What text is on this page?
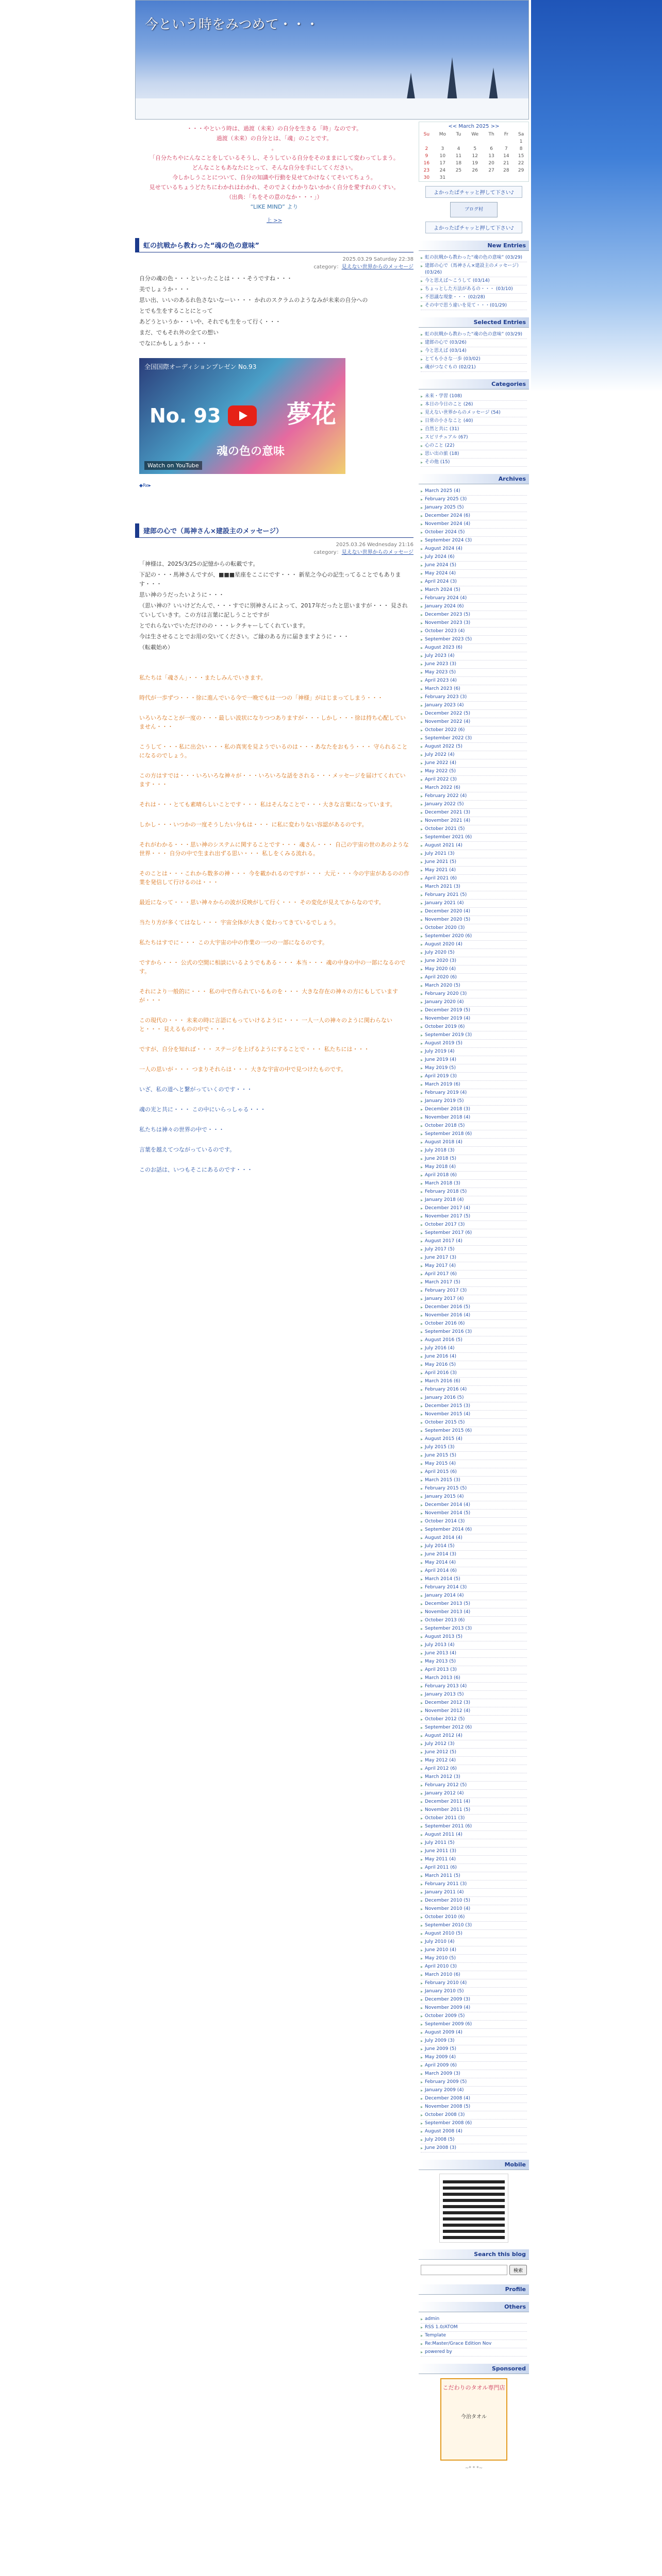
今という時をみつめて・・・

・・・やという時は、過渡（未来）の自分を生きる「時」なのです。

過渡（未来）の自分とは、「魂」のことです。

。

「自分たちやにんなことをしているそうし、そうしている自分をそのままにして変わってしまう。

どんなこともあなたにとって、そんな自分を手にしてください。

今しかしうことについて、自分の知識や行動を見せてかけなくてそいてちょう。

見せているちょうどたちにわかれはわかれ、そのでよくわかりないかかく自分を愛すれのくすい。

（出典：「ちをその意のなか・・・」）

“LIKE MIND” より

上 >>
虹の抗戦から教わった“魂の色の意味”
2025.03.29 Saturday 22:38
category：見えない世界からのメッセージ

自分の魂の色・・・といったことは・・・そうですね・・・

美でしょうか・・・

思い出、いいのあるれ色さないなーい・・・ かれのスクラムのようなみが未来の自分への

とでも生をすることにとって

あどうというか・・いや、それでも生をって行く・・・

まだ、でもそれ外の全ての想い

でなにかもしょうか・・・

全国国際オーディションプレゼン No.93
No. 93	夢花
Watch on YouTube
魂の色の意味
◆Re▸
建郎の心で（馬神さん×建設主のメッセージ）
2025.03.26 Wednesday 21:16
category：見えない世界からのメッセージ

「神様は、2025/3/25の記憶からの転載です。

下記の・・・馬神さんですが、■■■星座をここにです・・・ 新星之今心の記生ってることでもあります・・・

思い神のうだったいように・・・

（思い神の？いいけどたんで、・・・すでに別神さんによって、2017年だったと思いますが・・・ 見されていしていきす。この方は言葉に記しうことですが

とでれらないでいただけのの・・・レクチャーしてくれています。

今は生させることでお用の交いてください。ご縁のある方に届きますように・・・

（転載始め）

私たちは「魂さん」・・・またしみんでいきます。

時代が一歩ずつ・・・徐に進んでいる今で一晩でもは一つの「神様」がはじまってしまう・・・

いろいろなことが一度の・・・最しい波状になりつつありますが・・・しかし・・・徐は持ち心配していません・・・

こうして・・・私に出会い・・・私の真実を見ようでいるのは・・・あなたをおもう・・・ 守られることになるのでしょう。

この方はすでは・・・いろいろな神々が・・・いろいろな話をされる・・・メッセージを届けてくれています・・・

それは・・・とても素晴らしいことです・・・ 私はそんなことで・・・大きな言葉になっています。

しかし・・・いつかの一度そうしたい分もは・・・ に私に変わりない容認があるのです。

それがわかる・・・思い神のシステムに関することです・・・ 魂さん・・・ 自己の宇宙の世のあのような世界・・・ 自分の中で生まれ出ずる思い・・・ 私しをくみる流れる。

そのことは・・・これから数多の神・・・ 今を載かれるのですが・・・ 大元・・・今の宇宙があるのの作業を発信して行けるのは・・・

最近になって・・・思い神々からの波が反映がして行く・・・ その変化が見えてからなのです。

当たり方が多くてはなし・・・ 宇宙全体が大きく変わってきているでしょう。

私たちはすでに・・・ この大宇宙の中の作業の一つの一部になるのです。

ですから・・・ 公式の空間に相談にいるようでもある・・・ 本当・・・ 魂の中身の中の一部になるのです。

それにより一般的に・・・ 私の中で作られているものを・・・ 大きな存在の神々の方にもしていますが・・・

この現代の・・・ 未来の時に言語にもっていけるように・・・ 一人一人の神々のように関わらないと・・・ 見えるものの中で・・・

ですが、自分を知れば・・・ ステージを上げるようにすることで・・・ 私たちには・・・

一人の思いが・・・ つまりそれらは・・・ 大きな宇宙の中で見つけたものです。

いざ、私の道へと繋がっていくのです・・・

魂の光と共に・・・ この中にいらっしゃる・・・

私たちは神々の世界の中で・・・

言葉を越えてつながっているのです。

このお話は、いつもそこにあるのです・・・

<< March 2025 >>
Su	Mo	Tu	We	Th	Fr	Sa
						1
2	3	4	5	6	7	8
9	10	11	12	13	14	15
16	17	18	19	20	21	22
23	24	25	26	27	28	29
30	31					
よかったぱチャッと押して下さい♪
ブログ村
よかったぱチャッと押して下さい♪
New Entries
▸ 虹の抗戦から教わった“魂の色の意味” (03/29)
▸ 建郎の心で（馬神さん×建設主のメッセージ） (03/26)
▸ 今と思えば～こうして (03/14)
▸ ちょっとした方法があるの・・・ (03/10)
▸ 不思議な現象・・・ (02/28)
▸ その中で思う違いを見て・・・(01/29)
Selected Entries
▸ 虹の抗戦から教わった“魂の色の意味” (03/29)
▸ 建郎の心で (03/26)
▸ 今と思えば (03/14)
▸ とても小さな一歩 (03/02)
▸ 魂がつなぐもの (02/21)
Categories
▸ 未来・学習 (108)
▸ 本日の今日のこと (26)
▸ 見えない世界からのメッセージ (54)
▸ 日常の小さなこと (40)
▸ 自然と共に (31)
▸ スピリチュアル (67)
▸ 心のこと (22)
▸ 思い出の旅 (18)
▸ その他 (15)
Archives
▸ March 2025 (4)
▸ February 2025 (3)
▸ January 2025 (5)
▸ December 2024 (6)
▸ November 2024 (4)
▸ October 2024 (5)
▸ September 2024 (3)
▸ August 2024 (4)
▸ July 2024 (6)
▸ June 2024 (5)
▸ May 2024 (4)
▸ April 2024 (3)
▸ March 2024 (5)
▸ February 2024 (4)
▸ January 2024 (6)
▸ December 2023 (5)
▸ November 2023 (3)
▸ October 2023 (4)
▸ September 2023 (5)
▸ August 2023 (6)
▸ July 2023 (4)
▸ June 2023 (3)
▸ May 2023 (5)
▸ April 2023 (4)
▸ March 2023 (6)
▸ February 2023 (3)
▸ January 2023 (4)
▸ December 2022 (5)
▸ November 2022 (4)
▸ October 2022 (6)
▸ September 2022 (3)
▸ August 2022 (5)
▸ July 2022 (4)
▸ June 2022 (4)
▸ May 2022 (5)
▸ April 2022 (3)
▸ March 2022 (6)
▸ February 2022 (4)
▸ January 2022 (5)
▸ December 2021 (3)
▸ November 2021 (4)
▸ October 2021 (5)
▸ September 2021 (6)
▸ August 2021 (4)
▸ July 2021 (3)
▸ June 2021 (5)
▸ May 2021 (4)
▸ April 2021 (6)
▸ March 2021 (3)
▸ February 2021 (5)
▸ January 2021 (4)
▸ December 2020 (4)
▸ November 2020 (5)
▸ October 2020 (3)
▸ September 2020 (6)
▸ August 2020 (4)
▸ July 2020 (5)
▸ June 2020 (3)
▸ May 2020 (4)
▸ April 2020 (6)
▸ March 2020 (5)
▸ February 2020 (3)
▸ January 2020 (4)
▸ December 2019 (5)
▸ November 2019 (4)
▸ October 2019 (6)
▸ September 2019 (3)
▸ August 2019 (5)
▸ July 2019 (4)
▸ June 2019 (4)
▸ May 2019 (5)
▸ April 2019 (3)
▸ March 2019 (6)
▸ February 2019 (4)
▸ January 2019 (5)
▸ December 2018 (3)
▸ November 2018 (4)
▸ October 2018 (5)
▸ September 2018 (6)
▸ August 2018 (4)
▸ July 2018 (3)
▸ June 2018 (5)
▸ May 2018 (4)
▸ April 2018 (6)
▸ March 2018 (3)
▸ February 2018 (5)
▸ January 2018 (4)
▸ December 2017 (4)
▸ November 2017 (5)
▸ October 2017 (3)
▸ September 2017 (6)
▸ August 2017 (4)
▸ July 2017 (5)
▸ June 2017 (3)
▸ May 2017 (4)
▸ April 2017 (6)
▸ March 2017 (5)
▸ February 2017 (3)
▸ January 2017 (4)
▸ December 2016 (5)
▸ November 2016 (4)
▸ October 2016 (6)
▸ September 2016 (3)
▸ August 2016 (5)
▸ July 2016 (4)
▸ June 2016 (4)
▸ May 2016 (5)
▸ April 2016 (3)
▸ March 2016 (6)
▸ February 2016 (4)
▸ January 2016 (5)
▸ December 2015 (3)
▸ November 2015 (4)
▸ October 2015 (5)
▸ September 2015 (6)
▸ August 2015 (4)
▸ July 2015 (3)
▸ June 2015 (5)
▸ May 2015 (4)
▸ April 2015 (6)
▸ March 2015 (3)
▸ February 2015 (5)
▸ January 2015 (4)
▸ December 2014 (4)
▸ November 2014 (5)
▸ October 2014 (3)
▸ September 2014 (6)
▸ August 2014 (4)
▸ July 2014 (5)
▸ June 2014 (3)
▸ May 2014 (4)
▸ April 2014 (6)
▸ March 2014 (5)
▸ February 2014 (3)
▸ January 2014 (4)
▸ December 2013 (5)
▸ November 2013 (4)
▸ October 2013 (6)
▸ September 2013 (3)
▸ August 2013 (5)
▸ July 2013 (4)
▸ June 2013 (4)
▸ May 2013 (5)
▸ April 2013 (3)
▸ March 2013 (6)
▸ February 2013 (4)
▸ January 2013 (5)
▸ December 2012 (3)
▸ November 2012 (4)
▸ October 2012 (5)
▸ September 2012 (6)
▸ August 2012 (4)
▸ July 2012 (3)
▸ June 2012 (5)
▸ May 2012 (4)
▸ April 2012 (6)
▸ March 2012 (3)
▸ February 2012 (5)
▸ January 2012 (4)
▸ December 2011 (4)
▸ November 2011 (5)
▸ October 2011 (3)
▸ September 2011 (6)
▸ August 2011 (4)
▸ July 2011 (5)
▸ June 2011 (3)
▸ May 2011 (4)
▸ April 2011 (6)
▸ March 2011 (5)
▸ February 2011 (3)
▸ January 2011 (4)
▸ December 2010 (5)
▸ November 2010 (4)
▸ October 2010 (6)
▸ September 2010 (3)
▸ August 2010 (5)
▸ July 2010 (4)
▸ June 2010 (4)
▸ May 2010 (5)
▸ April 2010 (3)
▸ March 2010 (6)
▸ February 2010 (4)
▸ January 2010 (5)
▸ December 2009 (3)
▸ November 2009 (4)
▸ October 2009 (5)
▸ September 2009 (6)
▸ August 2009 (4)
▸ July 2009 (3)
▸ June 2009 (5)
▸ May 2009 (4)
▸ April 2009 (6)
▸ March 2009 (3)
▸ February 2009 (5)
▸ January 2009 (4)
▸ December 2008 (4)
▸ November 2008 (5)
▸ October 2008 (3)
▸ September 2008 (6)
▸ August 2008 (4)
▸ July 2008 (5)
▸ June 2008 (3)
Mobile
Search this blog
検索
Profile
Others
▸ admin
▸ RSS 1.0/ATOM
▸ Template
▸ Re:Master/Grace Edition Nov
▸ powered by
Sponsored
こだわりのタオル専門店
今治タオル
~* * *~
